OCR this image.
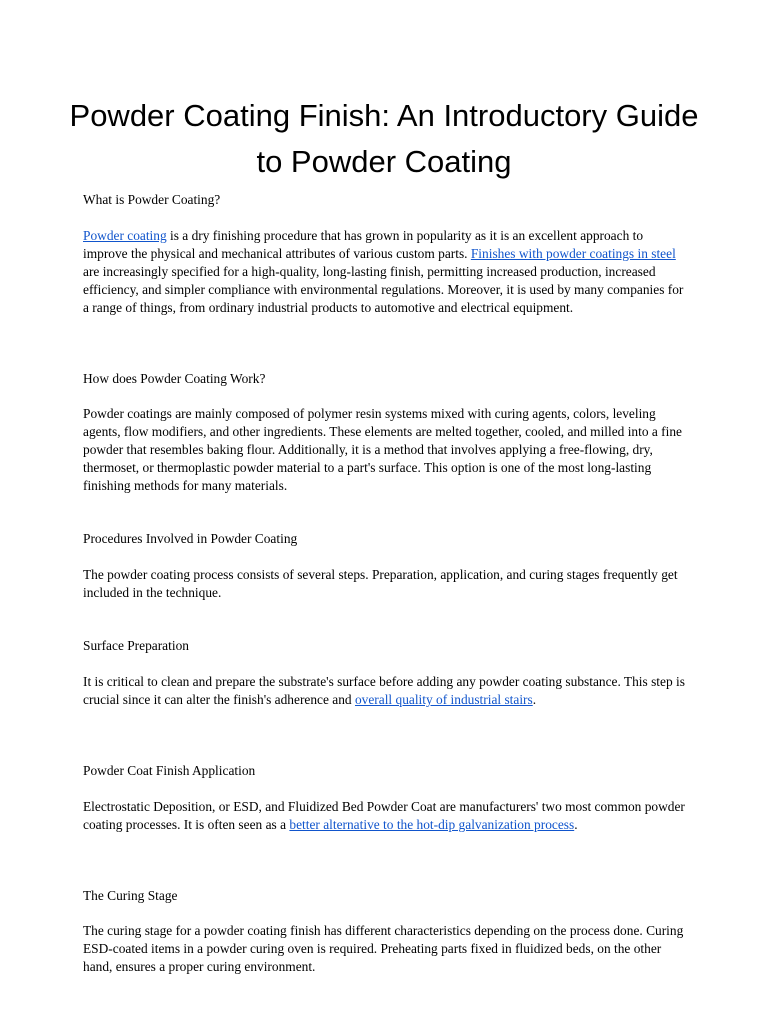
Powder Coating Finish: An Introductory Guide to Powder Coating

What is Powder Coating?

Powder coating is a dry finishing procedure that has grown in popularity as it is an excellent approach to improve the physical and mechanical attributes of various custom parts. Finishes with powder coatings in steel are increasingly specified for a high-quality, long-lasting finish, permitting increased production, increased efficiency, and simpler compliance with environmental regulations. Moreover, it is used by many companies for a range of things, from ordinary industrial products to automotive and electrical equipment.

How does Powder Coating Work?

Powder coatings are mainly composed of polymer resin systems mixed with curing agents, colors, leveling agents, flow modifiers, and other ingredients. These elements are melted together, cooled, and milled into a fine powder that resembles baking flour. Additionally, it is a method that involves applying a free-flowing, dry, thermoset, or thermoplastic powder material to a part's surface. This option is one of the most long-lasting finishing methods for many materials.

Procedures Involved in Powder Coating

The powder coating process consists of several steps. Preparation, application, and curing stages frequently get included in the technique.

Surface Preparation

It is critical to clean and prepare the substrate's surface before adding any powder coating substance. This step is crucial since it can alter the finish's adherence and overall quality of industrial stairs.

Powder Coat Finish Application

Electrostatic Deposition, or ESD, and Fluidized Bed Powder Coat are manufacturers' two most common powder coating processes. It is often seen as a better alternative to the hot-dip galvanization process.

The Curing Stage

The curing stage for a powder coating finish has different characteristics depending on the process done. Curing ESD-coated items in a powder curing oven is required. Preheating parts fixed in fluidized beds, on the other hand, ensures a proper curing environment.
